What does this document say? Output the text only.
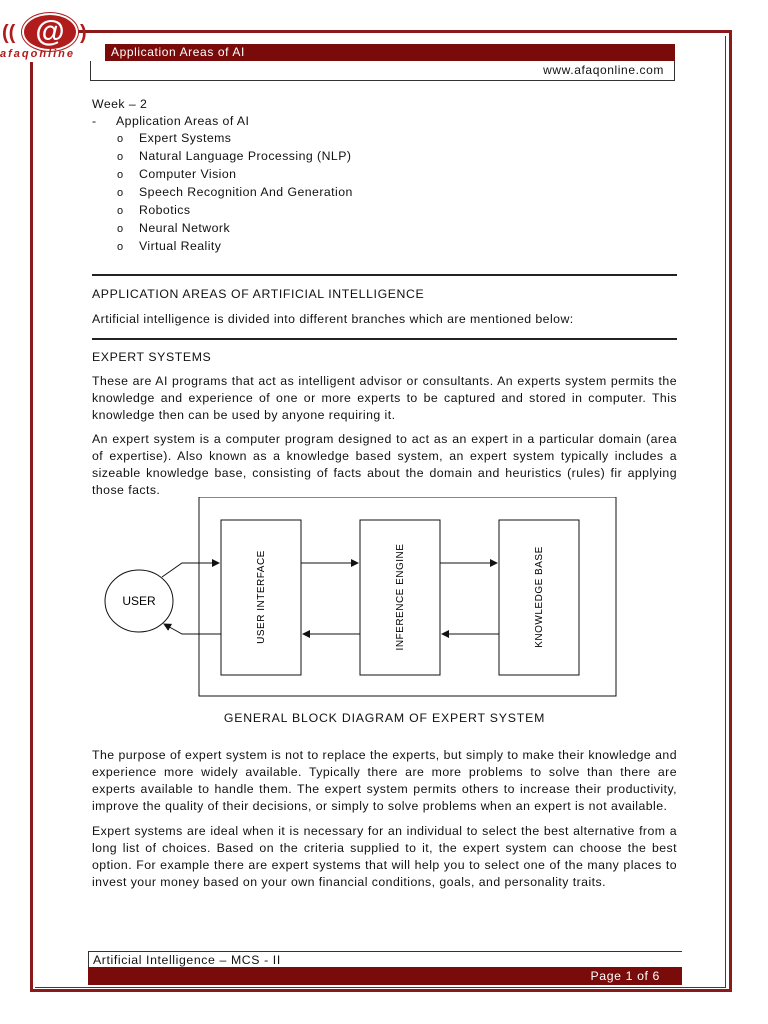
(( @ )
afaqonline	Application Areas of AI
www.afaqonline.com

Week – 2

- Application Areas of AI

o Expert Systems
o Natural Language Processing (NLP)
o Computer Vision
o Speech Recognition And Generation
o Robotics
o Neural Network
o Virtual Reality

APPLICATION AREAS OF ARTIFICIAL INTELLIGENCE

Artificial intelligence is divided into different branches which are mentioned below:

EXPERT SYSTEMS

These are AI programs that act as intelligent advisor or consultants. An experts system permits the knowledge and experience of one or more experts to be captured and stored in computer. This knowledge then can be used by anyone requiring it.

An expert system is a computer program designed to act as an expert in a particular domain (area of expertise). Also known as a knowledge based system, an expert system typically includes a sizeable knowledge base, consisting of facts about the domain and heuristics (rules) fir applying those facts.

USER	USER INTERFACE	INFERENCE ENGINE	KNOWLEDGE BASE
GENERAL BLOCK DIAGRAM OF EXPERT SYSTEM

The purpose of expert system is not to replace the experts, but simply to make their knowledge and experience more widely available. Typically there are more problems to solve than there are experts available to handle them. The expert system permits others to increase their productivity, improve the quality of their decisions, or simply to solve problems when an expert is not available.

Expert systems are ideal when it is necessary for an individual to select the best alternative from a long list of choices. Based on the criteria supplied to it, the expert system can choose the best option. For example there are expert systems that will help you to select one of the many places to invest your money based on your own financial conditions, goals, and personality traits.

Artificial Intelligence – MCS - II
Page 1 of 6
